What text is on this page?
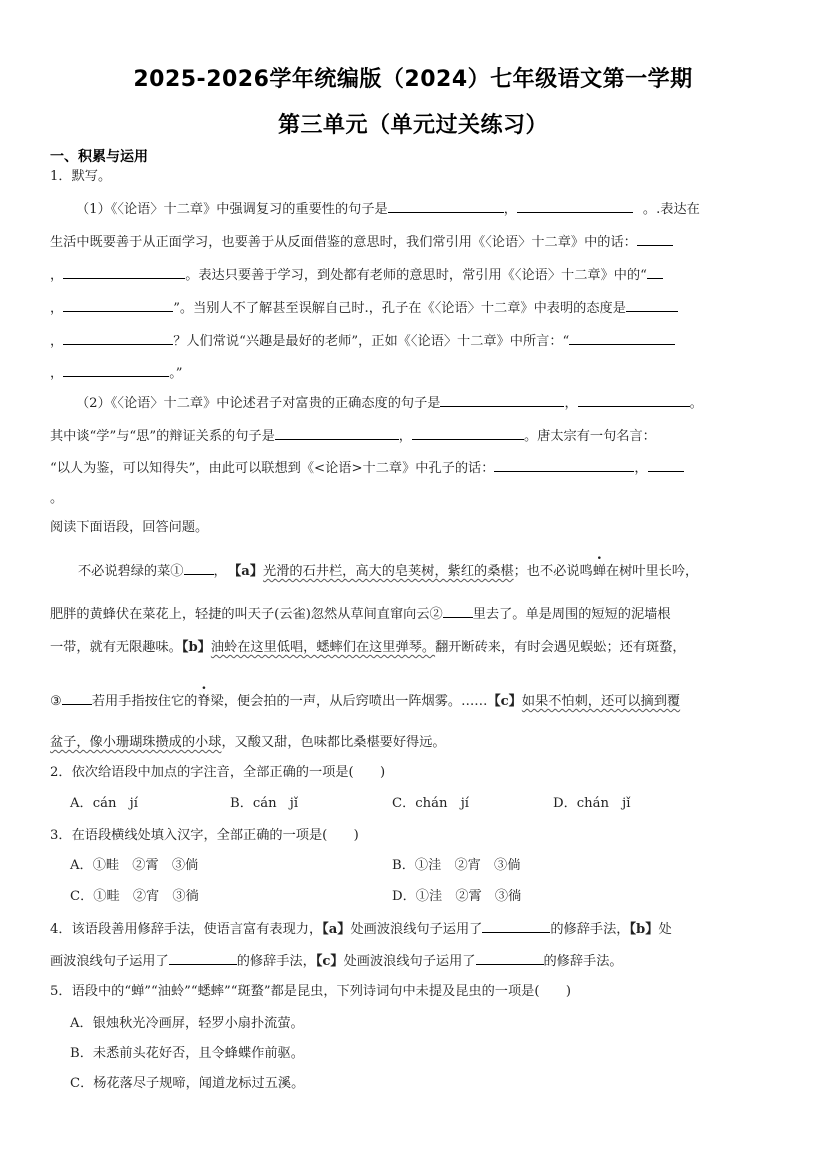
2025-2026学年统编版（2024）七年级语文第一学期
第三单元（单元过关练习）
一、积累与运用
1．默写。
（1）《〈论语〉十二章》中强调复习的重要性的句子是	，	。.表达在
生活中既要善于从正面学习，也要善于从反面借鉴的意思时，我们常引用《〈论语〉十二章》中的话：
，	。表达只要善于学习，到处都有老师的意思时，常引用《〈论语〉十二章》中的“
，	”。当别人不了解甚至误解自己时.，孔子在《〈论语〉十二章》中表明的态度是
，	？人们常说“兴趣是最好的老师”，正如《〈论语〉十二章》中所言：“
，	。”
（2）《〈论语〉十二章》中论述君子对富贵的正确态度的句子是	，	。
其中谈“学”与“思”的辩证关系的句子是	，	。唐太宗有一句名言：
“以人为鉴，可以知得失”，由此可以联想到《<论语>十二章》中孔子的话：	，
。
阅读下面语段，回答问题。
不必说碧绿的菜① ， 【a】光滑的石井栏，高大的皂荚树，紫红的桑椹；也不必说鸣蝉在树叶里长吟，
肥胖的黄蜂伏在菜花上，轻捷的叫天子(云雀)忽然从草间直窜向云② 里去了。单是周围的短短的泥墙根
一带，就有无限趣味。【b】油蛉在这里低唱，蟋蟀们在这里弹琴。翻开断砖来，有时会遇见蜈蚣；还有斑蝥，
③ 若用手指按住它的脊梁，便会拍的一声，从后窍喷出一阵烟雾。……【c】如果不怕刺，还可以摘到覆
盆子，像小珊瑚珠攒成的小球，又酸又甜，色味都比桑椹要好得远。
2．依次给语段中加点的字注音，全部正确的一项是(　　)
A．cán　jí	B．cán　jǐ	C．chán　jí	D．chán　jǐ
3．在语段横线处填入汉字，全部正确的一项是(　　)
A．①畦　②霄　③倘	B．①洼　②宵　③倘
C．①畦　②宵　③徜	D．①洼　②霄　③徜
4．该语段善用修辞手法，使语言富有表现力，【a】处画波浪线句子运用了	的修辞手法，【b】处
画波浪线句子运用了	的修辞手法，【c】处画波浪线句子运用了	的修辞手法。
5．语段中的“蝉”“油蛉”“蟋蟀”“斑蝥”都是昆虫，下列诗词句中未提及昆虫的一项是(　　)
A．银烛秋光冷画屏，轻罗小扇扑流萤。
B．未悉前头花好否，且令蜂蝶作前驱。
C．杨花落尽子规啼，闻道龙标过五溪。
